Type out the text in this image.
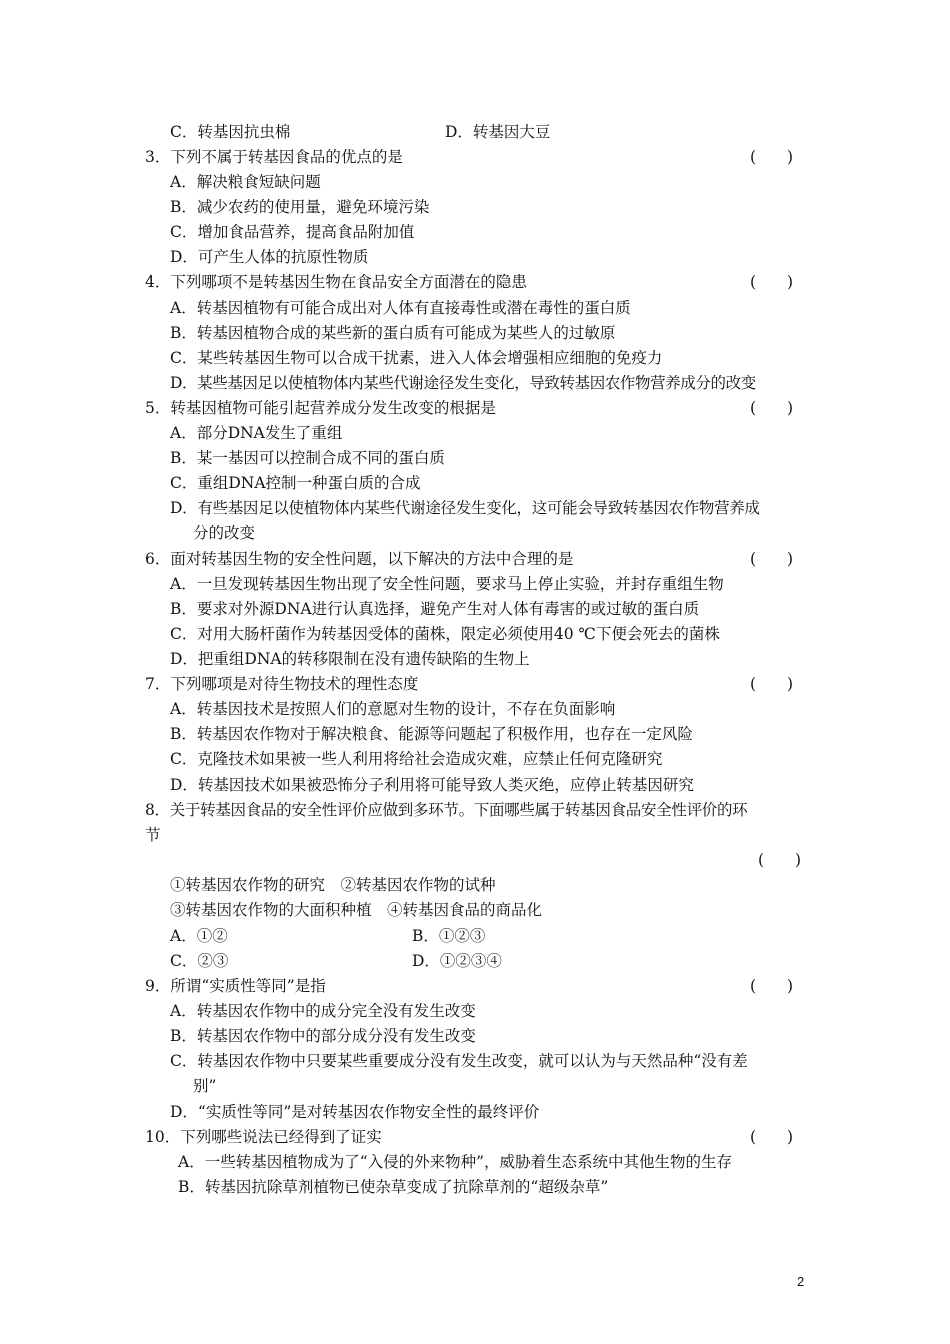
C．转基因抗虫棉	D．转基因大豆
3．下列不属于转基因食品的优点的是	(　　)
A．解决粮食短缺问题
B．减少农药的使用量，避免环境污染
C．增加食品营养，提高食品附加值
D．可产生人体的抗原性物质
4．下列哪项不是转基因生物在食品安全方面潜在的隐患	(　　)
A．转基因植物有可能合成出对人体有直接毒性或潜在毒性的蛋白质
B．转基因植物合成的某些新的蛋白质有可能成为某些人的过敏原
C．某些转基因生物可以合成干扰素，进入人体会增强相应细胞的免疫力
D．某些基因足以使植物体内某些代谢途径发生变化，导致转基因农作物营养成分的改变
5．转基因植物可能引起营养成分发生改变的根据是	(　　)
A．部分DNA发生了重组
B．某一基因可以控制合成不同的蛋白质
C．重组DNA控制一种蛋白质的合成
D．有些基因足以使植物体内某些代谢途径发生变化，这可能会导致转基因农作物营养成
分的改变
6．面对转基因生物的安全性问题，以下解决的方法中合理的是	(　　)
A．一旦发现转基因生物出现了安全性问题，要求马上停止实验，并封存重组生物
B．要求对外源DNA进行认真选择，避免产生对人体有毒害的或过敏的蛋白质
C．对用大肠杆菌作为转基因受体的菌株，限定必须使用40 ℃下便会死去的菌株
D．把重组DNA的转移限制在没有遗传缺陷的生物上
7．下列哪项是对待生物技术的理性态度	(　　)
A．转基因技术是按照人们的意愿对生物的设计，不存在负面影响
B．转基因农作物对于解决粮食、能源等问题起了积极作用，也存在一定风险
C．克隆技术如果被一些人利用将给社会造成灾难，应禁止任何克隆研究
D．转基因技术如果被恐怖分子利用将可能导致人类灭绝，应停止转基因研究
8．关于转基因食品的安全性评价应做到多环节。下面哪些属于转基因食品安全性评价的环
节
(　　)
①转基因农作物的研究　②转基因农作物的试种
③转基因农作物的大面积种植　④转基因食品的商品化
A．①②	B．①②③
C．②③	D．①②③④
9．所谓“实质性等同”是指	(　　)
A．转基因农作物中的成分完全没有发生改变
B．转基因农作物中的部分成分没有发生改变
C．转基因农作物中只要某些重要成分没有发生改变，就可以认为与天然品种“没有差
别”
D．“实质性等同”是对转基因农作物安全性的最终评价
10．下列哪些说法已经得到了证实	(　　)
A．一些转基因植物成为了“入侵的外来物种”，威胁着生态系统中其他生物的生存
B．转基因抗除草剂植物已使杂草变成了抗除草剂的“超级杂草”
2
